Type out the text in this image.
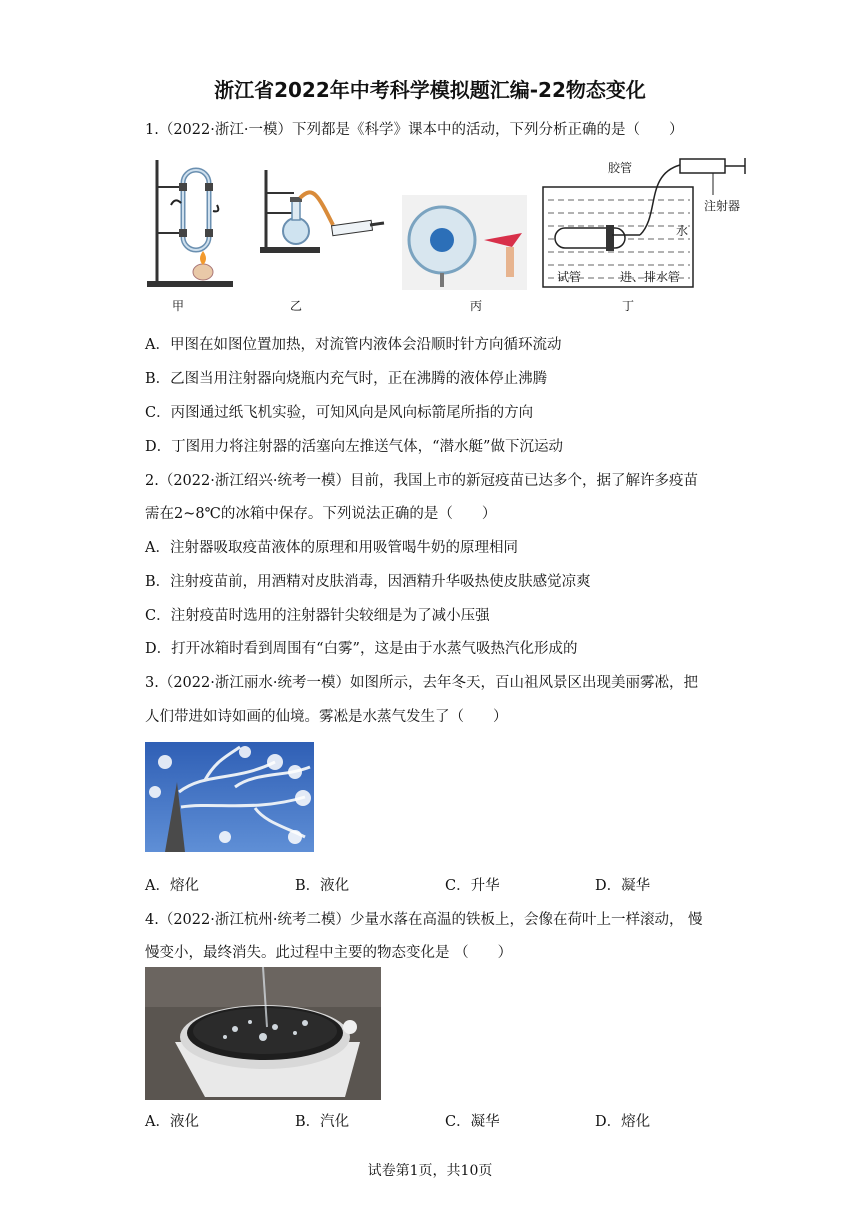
浙江省2022年中考科学模拟题汇编-22物态变化
1.（2022·浙江·一模）下列都是《科学》课本中的活动，下列分析正确的是（　　）
甲	乙	丙
胶管
注射器
水
试管	进、排水管
丁
A．甲图在如图位置加热，对流管内液体会沿顺时针方向循环流动
B．乙图当用注射器向烧瓶内充气时，正在沸腾的液体停止沸腾
C．丙图通过纸飞机实验，可知风向是风向标箭尾所指的方向
D．丁图用力将注射器的活塞向左推送气体，“潜水艇”做下沉运动
2.（2022·浙江绍兴·统考一模）目前，我国上市的新冠疫苗已达多个，据了解许多疫苗
需在2~8℃的冰箱中保存。下列说法正确的是（　　）
A．注射器吸取疫苗液体的原理和用吸管喝牛奶的原理相同
B．注射疫苗前，用酒精对皮肤消毒，因酒精升华吸热使皮肤感觉凉爽
C．注射疫苗时选用的注射器针尖较细是为了减小压强
D．打开冰箱时看到周围有“白雾”，这是由于水蒸气吸热汽化形成的
3.（2022·浙江丽水·统考一模）如图所示，去年冬天，百山祖风景区出现美丽雾凇，把
人们带进如诗如画的仙境。雾凇是水蒸气发生了（　　）
A．熔化	B．液化	C．升华	D．凝华
4.（2022·浙江杭州·统考二模）少量水落在高温的铁板上，会像在荷叶上一样滚动， 慢
慢变小，最终消失。此过程中主要的物态变化是 （　　）
A．液化	B．汽化	C．凝华	D．熔化
试卷第1页，共10页
